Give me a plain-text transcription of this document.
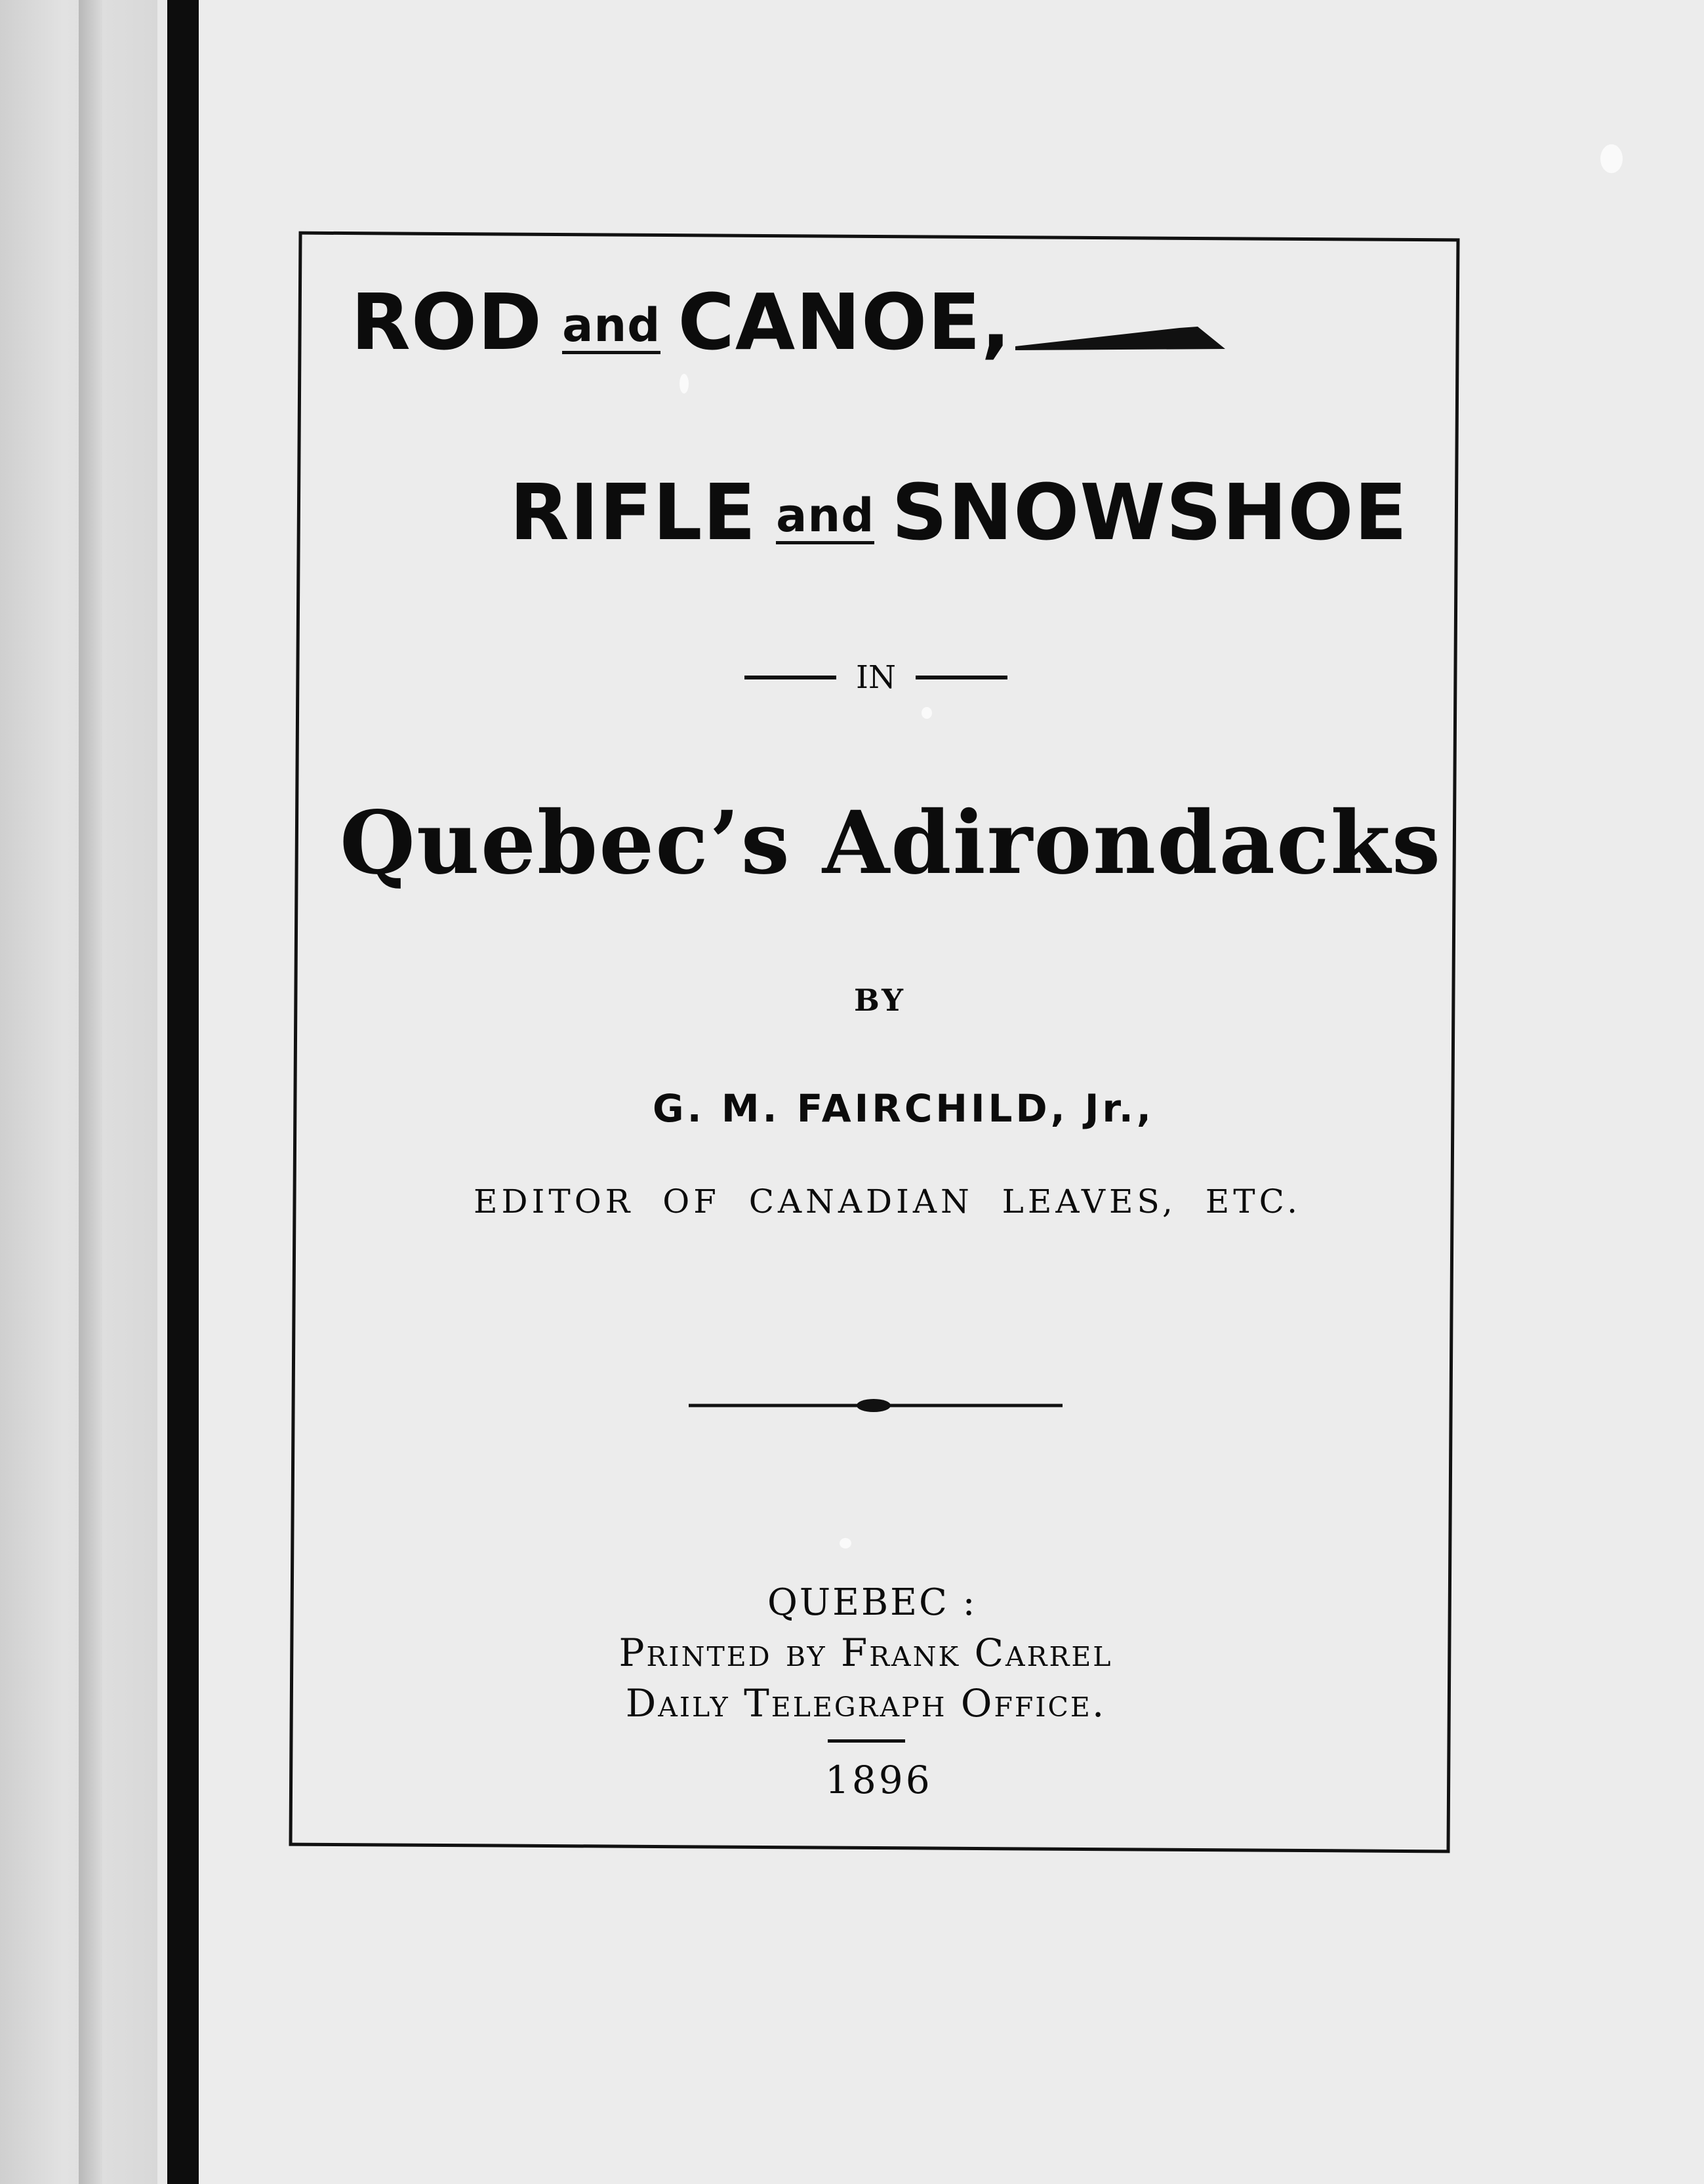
ROD and CANOE,
RIFLE and SNOWSHOE
IN
Quebec’s Adirondacks
BY
G. M. FAIRCHILD, Jr.,
EDITOR OF CANADIAN LEAVES, ETC.
QUEBEC :
Printed by Frank Carrel
Daily Telegraph Office.
1896
